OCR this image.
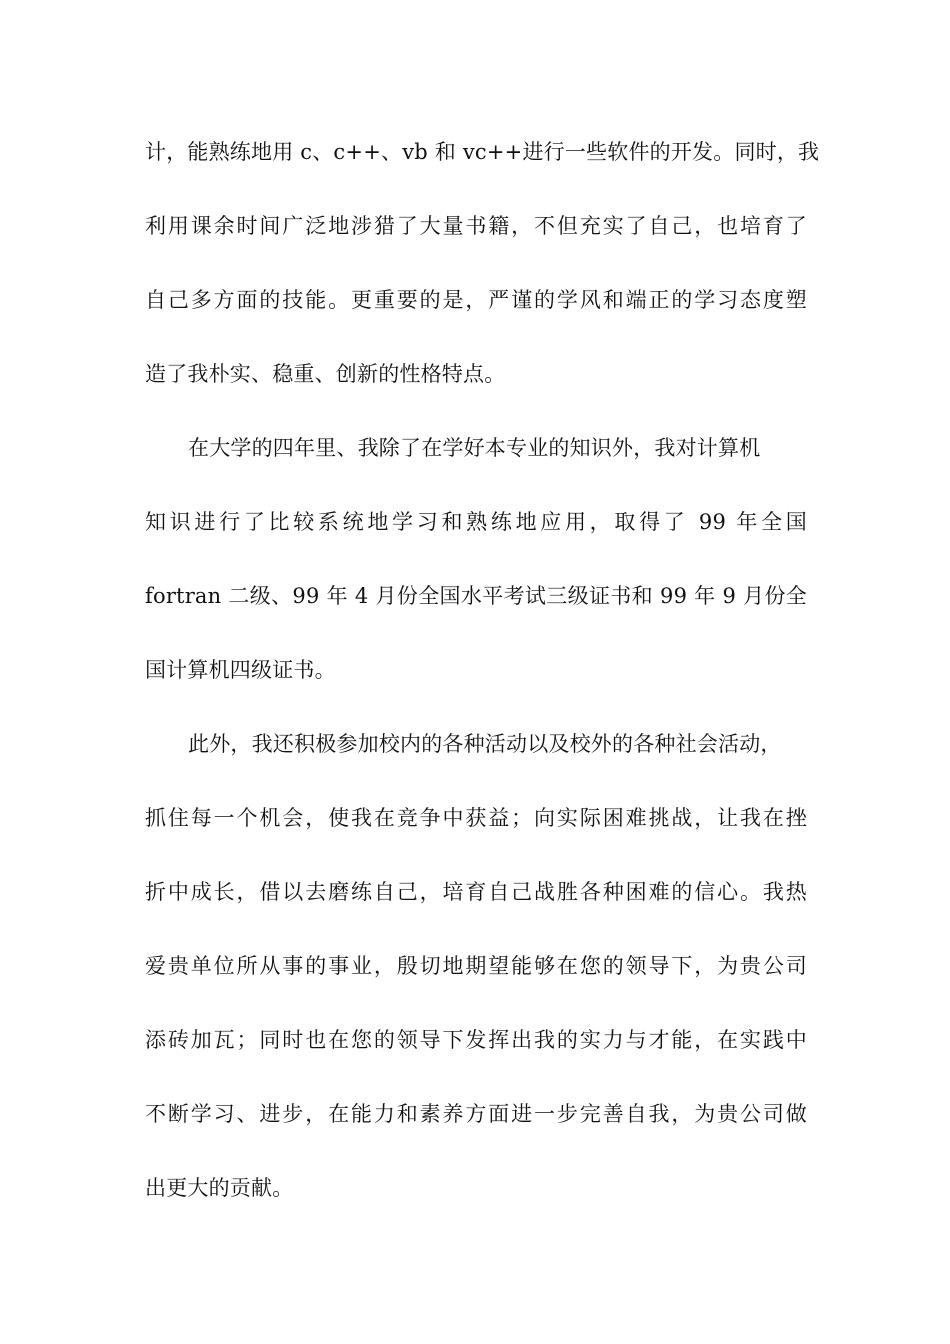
计，能熟练地用 c、c++、vb 和 vc++进行一些软件的开发。同时，我
利用课余时间广泛地涉猎了大量书籍，不但充实了自己，也培育了
自己多方面的技能。更重要的是，严谨的学风和端正的学习态度塑
造了我朴实、稳重、创新的性格特点。
在大学的四年里、我除了在学好本专业的知识外，我对计算机
知识进行了比较系统地学习和熟练地应用，取得了 99 年全国
fortran 二级、99 年 4 月份全国水平考试三级证书和 99 年 9 月份全
国计算机四级证书。
此外，我还积极参加校内的各种活动以及校外的各种社会活动，
抓住每一个机会，使我在竞争中获益；向实际困难挑战，让我在挫
折中成长，借以去磨练自己，培育自己战胜各种困难的信心。我热
爱贵单位所从事的事业，殷切地期望能够在您的领导下，为贵公司
添砖加瓦；同时也在您的领导下发挥出我的实力与才能，在实践中
不断学习、进步，在能力和素养方面进一步完善自我，为贵公司做
出更大的贡献。
